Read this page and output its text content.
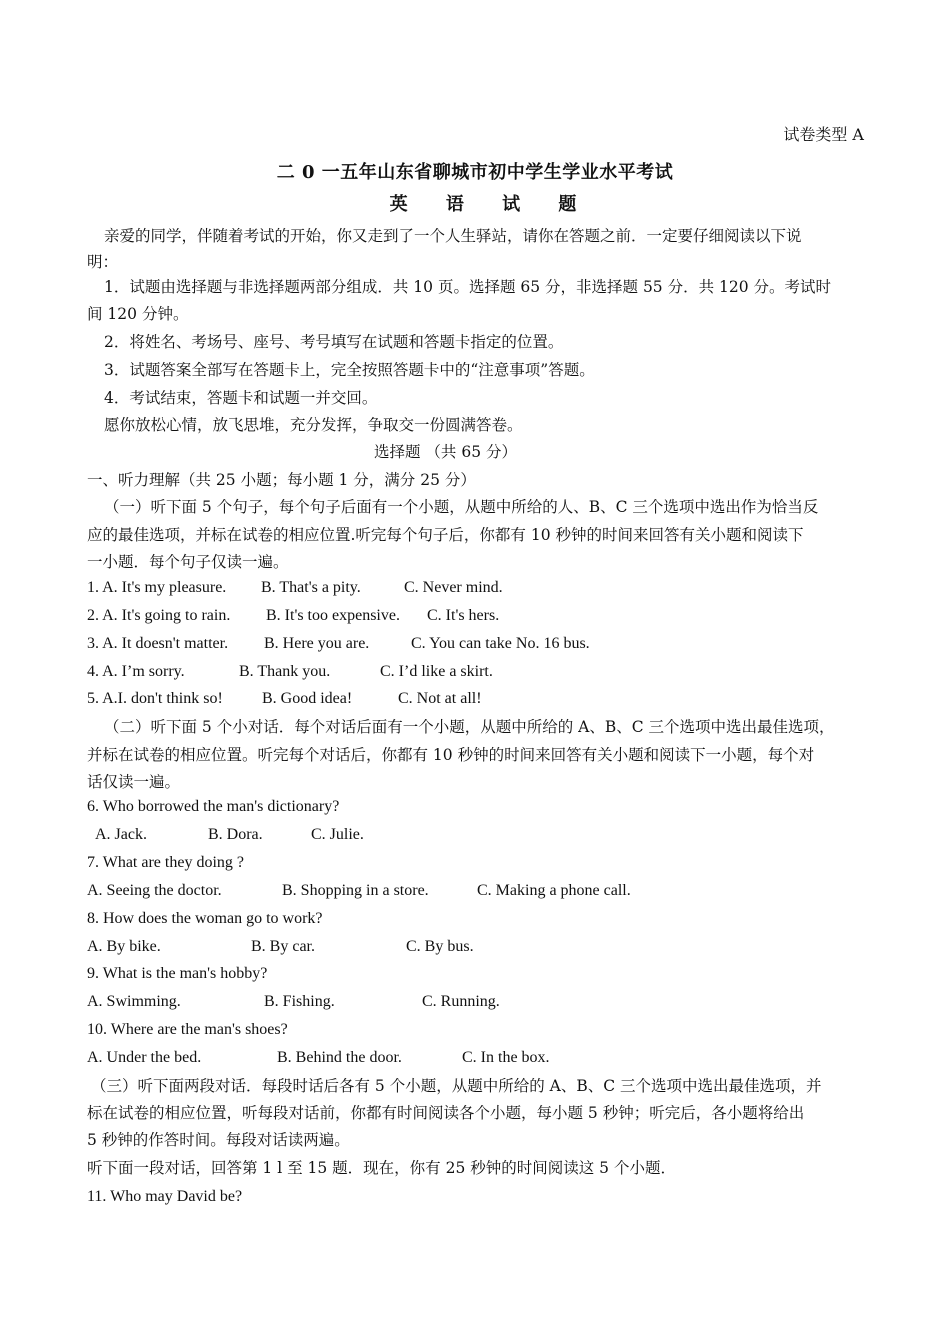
试卷类型 A
二 0 一五年山东省聊城市初中学生学业水平考试
英 语 试 题
亲爱的同学，伴随着考试的开始，你又走到了一个人生驿站，请你在答题之前．一定要仔细阅读以下说
明：
1．试题由选择题与非选择题两部分组成．共 10 页。选择题 65 分，非选择题 55 分．共 120 分。考试时
间 120 分钟。
2．将姓名、考场号、座号、考号填写在试题和答题卡指定的位置。
3．试题答案全部写在答题卡上，完全按照答题卡中的“注意事项”答题。
4．考试结束，答题卡和试题一并交回。
愿你放松心情，放飞思堆，充分发挥，争取交一份圆满答卷。
选择题 （共 65 分）
一、听力理解（共 25 小题；每小题 1 分，满分 25 分）
（一）听下面 5 个句子，每个句子后面有一个小题，从题中所给的人、B、C 三个选项中选出作为恰当反
应的最佳选项，并标在试卷的相应位置.听完每个句子后，你都有 10 秒钟的时间来回答有关小题和阅读下
一小题．每个句子仅读一遍。
1. A. It's my pleasure. B. That's a pity.	C. Never mind.
2. A. It's going to rain. B. It's too expensive. C. It's hers.
3. A. It doesn't matter. B. Here you are.	C. You can take No. 16 bus.
4. A. I’m sorry.	B. Thank you.	C. I’d like a skirt.
5. A.I. don't think so! B. Good idea!	C. Not at all!
（二）听下面 5 个小对话．每个对话后面有一个小题，从题中所给的 A、B、C 三个选项中选出最佳选项，
并标在试卷的相应位置。听完每个对话后，你都有 10 秒钟的时间来回答有关小题和阅读下一小题，每个对
话仅读一遍。
6. Who borrowed the man's dictionary?
A. Jack.	B. Dora.	C. Julie.
7. What are they doing ?
A. Seeing the doctor.	B. Shopping in a store.	C. Making a phone call.
8. How does the woman go to work?
A. By bike.	B. By car.	C. By bus.
9. What is the man's hobby?
A. Swimming.	B. Fishing.	C. Running.
10. Where are the man's shoes?
A. Under the bed.	B. Behind the door.	C. In the box.
（三）听下面两段对话．每段时话后各有 5 个小题，从题中所给的 A、B、C 三个选项中选出最佳选项，并
标在试卷的相应位置，听每段对话前，你都有时间阅读各个小题，每小题 5 秒钟；听完后，各小题将给出
5 秒钟的作答时间。每段对话读两遍。
听下面一段对话，回答第 1 l 至 15 题．现在，你有 25 秒钟的时间阅读这 5 个小题．
11. Who may David be?
